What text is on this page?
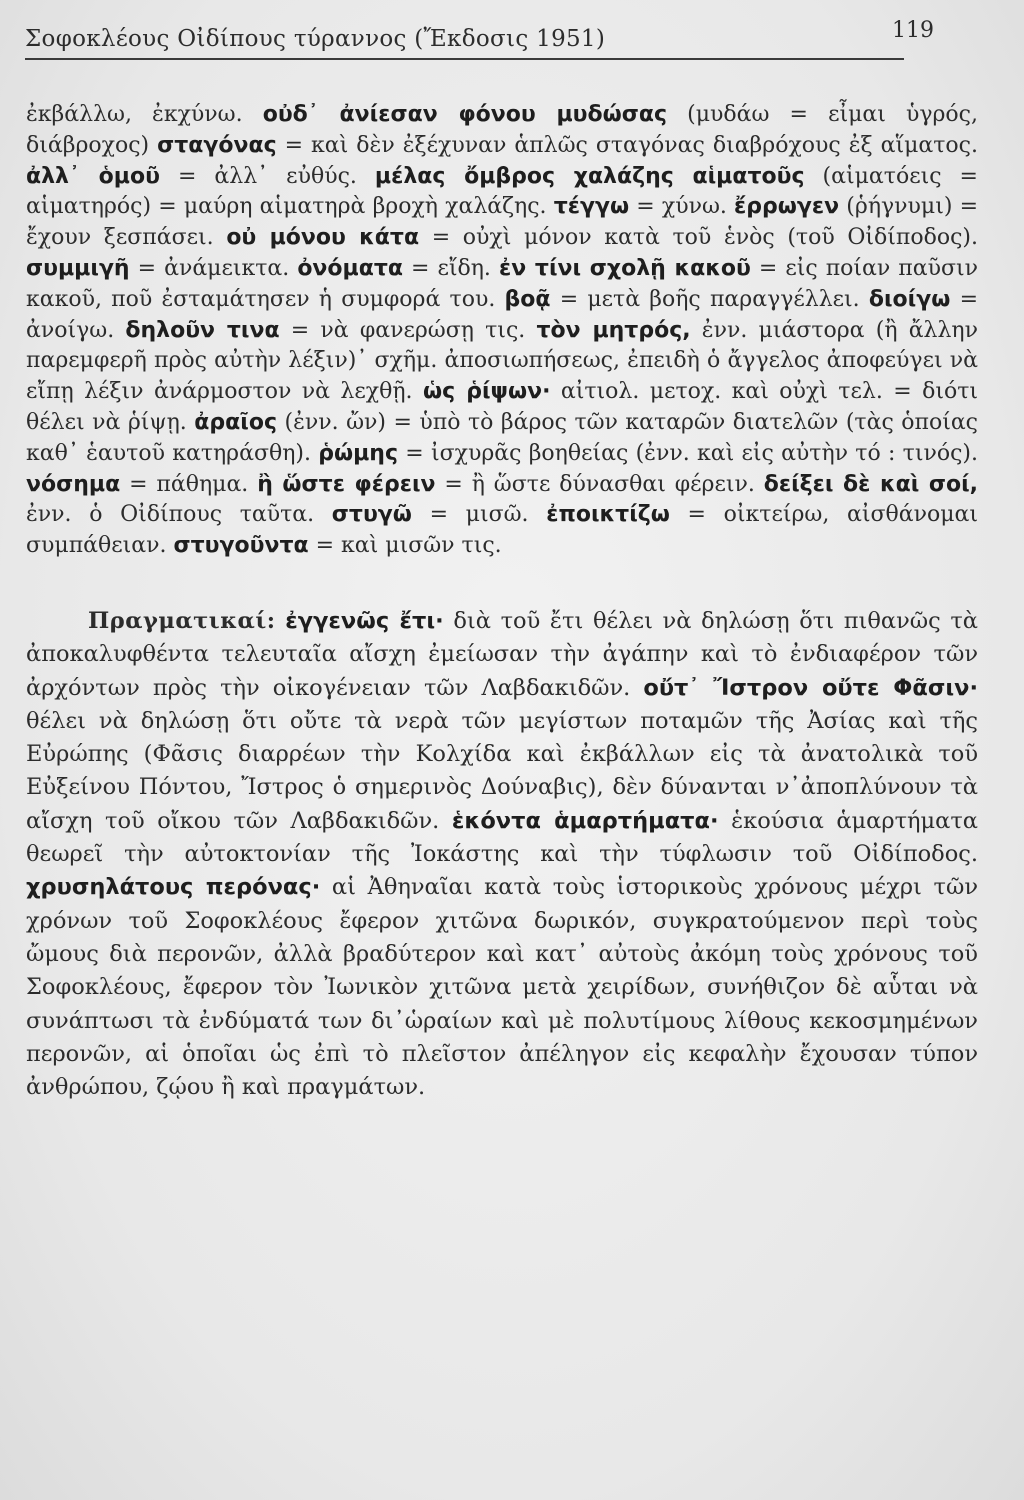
Σοφοκλέους Οἰδίπους τύραννος (Ἔκδοσις 1951)	119

ἐκβάλλω, ἐκχύνω. οὐδ᾽ ἀνίεσαν φόνου μυδώσας (μυδάω = εἶμαι ὑγρός, διάβροχος) σταγόνας = καὶ δὲν ἐξέχυναν ἁπλῶς σταγόνας διαβρόχους ἐξ αἵματος. ἀλλ᾽ ὁμοῦ = ἀλλ᾽ εὐθύς. μέλας ὄμβρος χαλάζης αἱματοῦς (αἱματόεις = αἱματηρός) = μαύρη αἱματηρὰ βροχὴ χαλάζης. τέγγω = χύνω. ἔρρωγεν (ῥήγνυμι) = ἔχουν ξεσπάσει. οὐ μόνου κάτα = οὐχὶ μόνον κατὰ τοῦ ἑνὸς (τοῦ Οἰδίποδος). συμμιγῆ = ἀνάμεικτα. ὀνόματα = εἴδη. ἐν τίνι σχολῇ κακοῦ = εἰς ποίαν παῦσιν κακοῦ, ποῦ ἐσταμάτησεν ἡ συμφορά του. βοᾷ = μετὰ βοῆς παραγγέλλει. διοίγω = ἀνοίγω. δηλοῦν τινα = νὰ φανερώσῃ τις. τὸν μητρός, ἐνν. μιάστορα (ἢ ἄλλην παρεμφερῆ πρὸς αὐτὴν λέξιν)᾽ σχῆμ. ἀποσιωπήσεως, ἐπειδὴ ὁ ἄγγελος ἀποφεύγει νὰ εἴπῃ λέξιν ἀνάρμοστον νὰ λεχθῇ. ὡς ῥίψων· αἰτιολ. μετοχ. καὶ οὐχὶ τελ. = διότι θέλει νὰ ῥίψῃ. ἀραῖος (ἐνν. ὤν) = ὑπὸ τὸ βάρος τῶν καταρῶν διατελῶν (τὰς ὁποίας καθ᾽ ἑαυτοῦ κατηράσθη). ῥώμης = ἰσχυρᾶς βοηθείας (ἐνν. καὶ εἰς αὐτὴν τό : τινός). νόσημα = πάθημα. ἢ ὥστε φέρειν = ἢ ὥστε δύνασθαι φέρειν. δείξει δὲ καὶ σοί, ἐνν. ὁ Οἰδίπους ταῦτα. στυγῶ = μισῶ. ἐποικτίζω = οἰκτείρω, αἰσθάνομαι συμπάθειαν. στυγοῦντα = καὶ μισῶν τις.

Πραγματικαί: ἐγγενῶς ἔτι· διὰ τοῦ ἔτι θέλει νὰ δηλώσῃ ὅτι πιθανῶς τὰ ἀποκαλυφθέντα τελευταῖα αἴσχη ἐμείωσαν τὴν ἀγάπην καὶ τὸ ἐνδιαφέρον τῶν ἀρχόντων πρὸς τὴν οἰκογένειαν τῶν Λαβδακιδῶν. οὔτ᾽ Ἴστρον οὔτε Φᾶσιν· θέλει νὰ δηλώσῃ ὅτι οὔτε τὰ νερὰ τῶν μεγίστων ποταμῶν τῆς Ἀσίας καὶ τῆς Εὐρώπης (Φᾶσις διαρρέων τὴν Κολχίδα καὶ ἐκβάλλων εἰς τὰ ἀνατολικὰ τοῦ Εὐξείνου Πόντου, Ἴστρος ὁ σημερινὸς Δούναβις), δὲν δύνανται ν᾽ἀποπλύνουν τὰ αἴσχη τοῦ οἴκου τῶν Λαβδακιδῶν. ἑκόντα ἁμαρτήματα· ἑκούσια ἁμαρτήματα θεωρεῖ τὴν αὐτοκτονίαν τῆς Ἰοκάστης καὶ τὴν τύφλωσιν τοῦ Οἰδίποδος. χρυσηλάτους περόνας· αἱ Ἀθηναῖαι κατὰ τοὺς ἱστορικοὺς χρόνους μέχρι τῶν χρόνων τοῦ Σοφοκλέους ἔφερον χιτῶνα δωρικόν, συγκρατούμενον περὶ τοὺς ὤμους διὰ περονῶν, ἀλλὰ βραδύτερον καὶ κατ᾽ αὐτοὺς ἀκόμη τοὺς χρόνους τοῦ Σοφοκλέους, ἔφερον τὸν Ἰωνικὸν χιτῶνα μετὰ χειρίδων, συνήθιζον δὲ αὗται νὰ συνάπτωσι τὰ ἐνδύματά των δι᾽ὡραίων καὶ μὲ πολυτίμους λίθους κεκοσμημένων περονῶν, αἱ ὁποῖαι ὡς ἐπὶ τὸ πλεῖστον ἀπέληγον εἰς κεφαλὴν ἔχουσαν τύπον ἀνθρώπου, ζῴου ἢ καὶ πραγμάτων.
